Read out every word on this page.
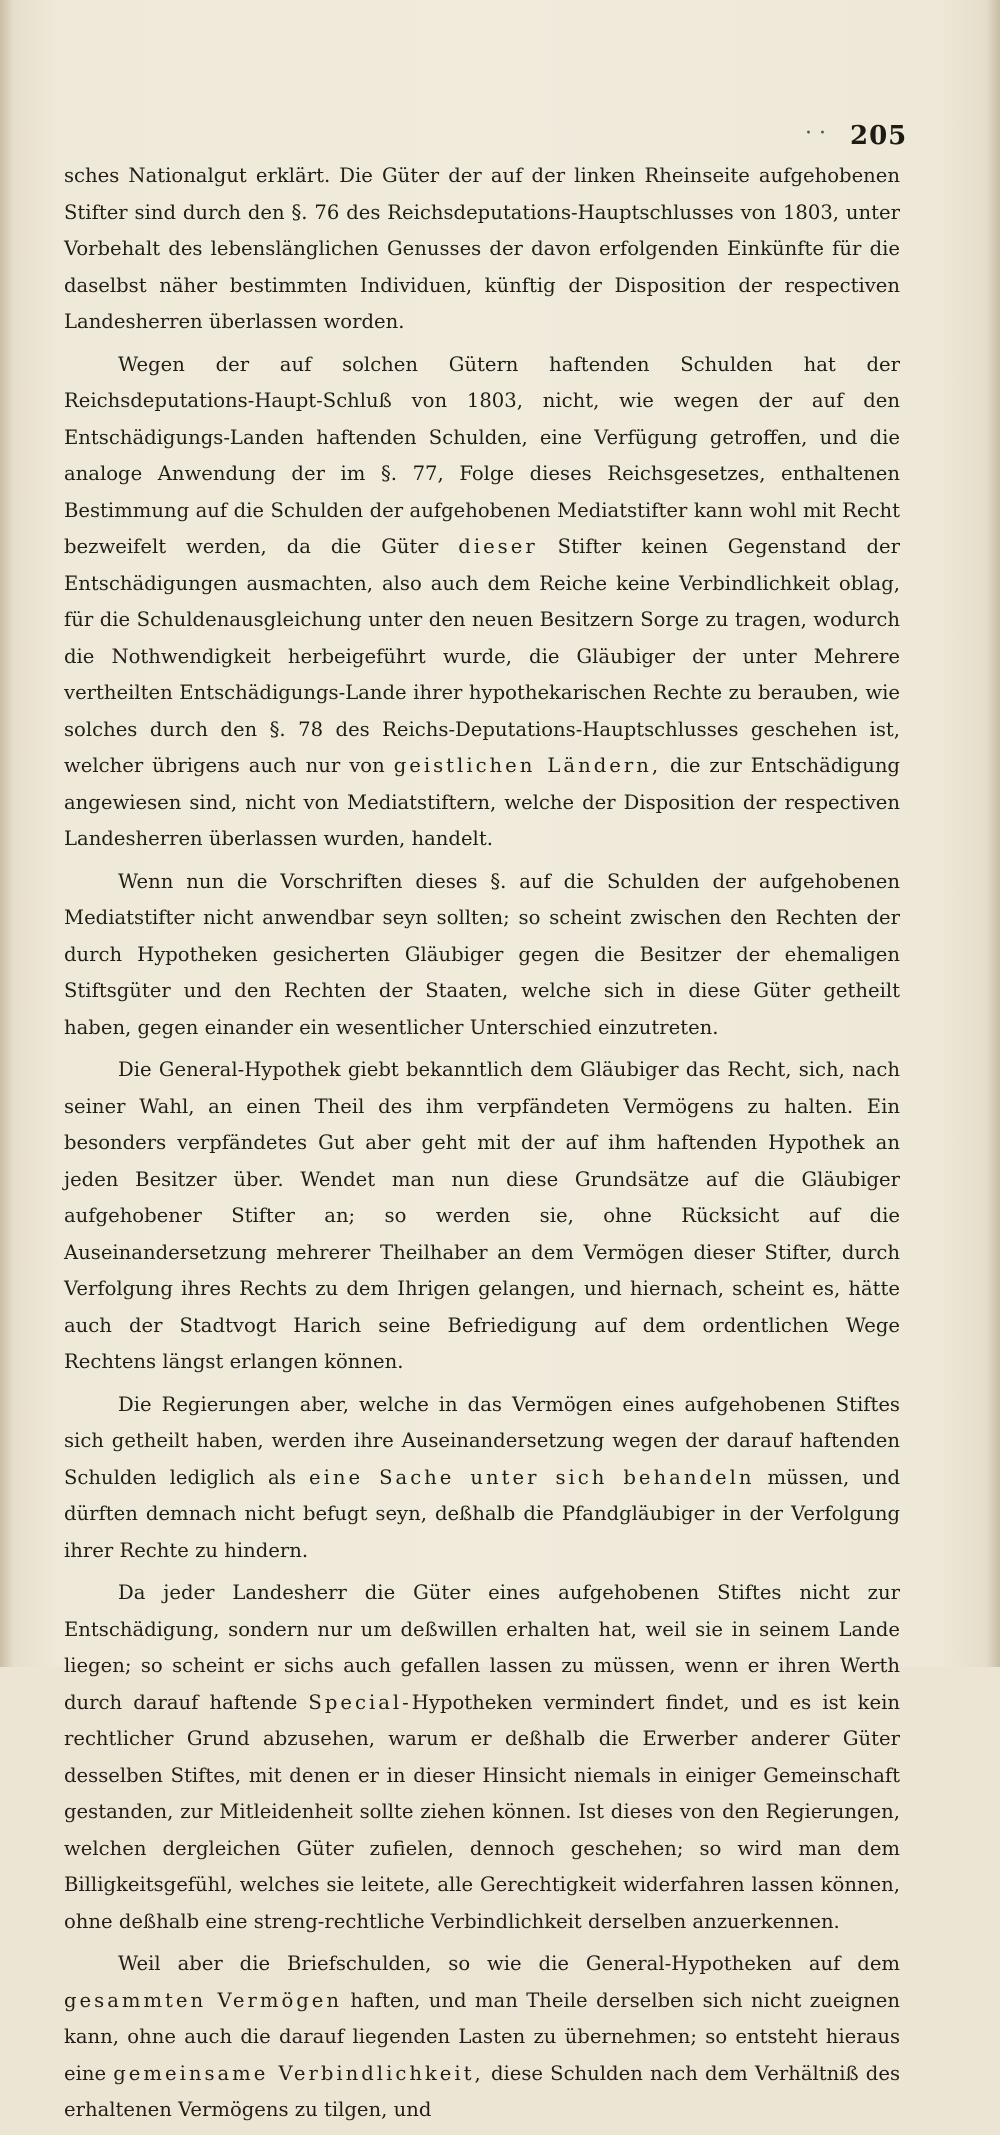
· · 205

sches Nationalgut erklärt. Die Güter der auf der linken Rheinseite aufgehobenen Stifter sind durch den §. 76 des Reichsdeputations-Hauptschlusses von 1803, unter Vorbehalt des lebenslänglichen Genusses der davon erfolgenden Einkünfte für die daselbst näher bestimmten Individuen, künftig der Disposition der respectiven Landesherren überlassen worden.

Wegen der auf solchen Gütern haftenden Schulden hat der Reichsdeputations-Haupt-Schluß von 1803, nicht, wie wegen der auf den Entschädigungs-Landen haftenden Schulden, eine Verfügung getroffen, und die analoge Anwendung der im §. 77, Folge dieses Reichsgesetzes, enthaltenen Bestimmung auf die Schulden der aufgehobenen Mediatstifter kann wohl mit Recht bezweifelt werden, da die Güter dieser Stifter keinen Gegenstand der Entschädigungen ausmachten, also auch dem Reiche keine Verbindlichkeit oblag, für die Schuldenausgleichung unter den neuen Besitzern Sorge zu tragen, wodurch die Nothwendigkeit herbeigeführt wurde, die Gläubiger der unter Mehrere vertheilten Entschädigungs-Lande ihrer hypothekarischen Rechte zu berauben, wie solches durch den §. 78 des Reichs-Deputations-Hauptschlusses geschehen ist, welcher übrigens auch nur von geistlichen Ländern, die zur Entschädigung angewiesen sind, nicht von Mediatstiftern, welche der Disposition der respectiven Landesherren überlassen wurden, handelt.

Wenn nun die Vorschriften dieses §. auf die Schulden der aufgehobenen Mediatstifter nicht anwendbar seyn sollten; so scheint zwischen den Rechten der durch Hypotheken gesicherten Gläubiger gegen die Besitzer der ehemaligen Stiftsgüter und den Rechten der Staaten, welche sich in diese Güter getheilt haben, gegen einander ein wesentlicher Unterschied einzutreten.

Die General-Hypothek giebt bekanntlich dem Gläubiger das Recht, sich, nach seiner Wahl, an einen Theil des ihm verpfändeten Vermögens zu halten. Ein besonders verpfändetes Gut aber geht mit der auf ihm haftenden Hypothek an jeden Besitzer über. Wendet man nun diese Grundsätze auf die Gläubiger aufgehobener Stifter an; so werden sie, ohne Rücksicht auf die Auseinandersetzung mehrerer Theilhaber an dem Vermögen dieser Stifter, durch Verfolgung ihres Rechts zu dem Ihrigen gelangen, und hiernach, scheint es, hätte auch der Stadtvogt Harich seine Befriedigung auf dem ordentlichen Wege Rechtens längst erlangen können.

Die Regierungen aber, welche in das Vermögen eines aufgehobenen Stiftes sich getheilt haben, werden ihre Auseinandersetzung wegen der darauf haftenden Schulden lediglich als eine Sache unter sich behandeln müssen, und dürften demnach nicht befugt seyn, deßhalb die Pfandgläubiger in der Verfolgung ihrer Rechte zu hindern.

Da jeder Landesherr die Güter eines aufgehobenen Stiftes nicht zur Entschädigung, sondern nur um deßwillen erhalten hat, weil sie in seinem Lande liegen; so scheint er sichs auch gefallen lassen zu müssen, wenn er ihren Werth durch darauf haftende Special-Hypotheken vermindert findet, und es ist kein rechtlicher Grund abzusehen, warum er deßhalb die Erwerber anderer Güter desselben Stiftes, mit denen er in dieser Hinsicht niemals in einiger Gemeinschaft gestanden, zur Mitleidenheit sollte ziehen können. Ist dieses von den Regierungen, welchen dergleichen Güter zufielen, dennoch geschehen; so wird man dem Billigkeitsgefühl, welches sie leitete, alle Gerechtigkeit widerfahren lassen können, ohne deßhalb eine streng-rechtliche Verbindlichkeit derselben anzuerkennen.

Weil aber die Briefschulden, so wie die General-Hypotheken auf dem gesammten Vermögen haften, und man Theile derselben sich nicht zueignen kann, ohne auch die darauf liegenden Lasten zu übernehmen; so entsteht hieraus eine gemeinsame Verbindlichkeit, diese Schulden nach dem Verhältniß des erhaltenen Vermögens zu tilgen, und
